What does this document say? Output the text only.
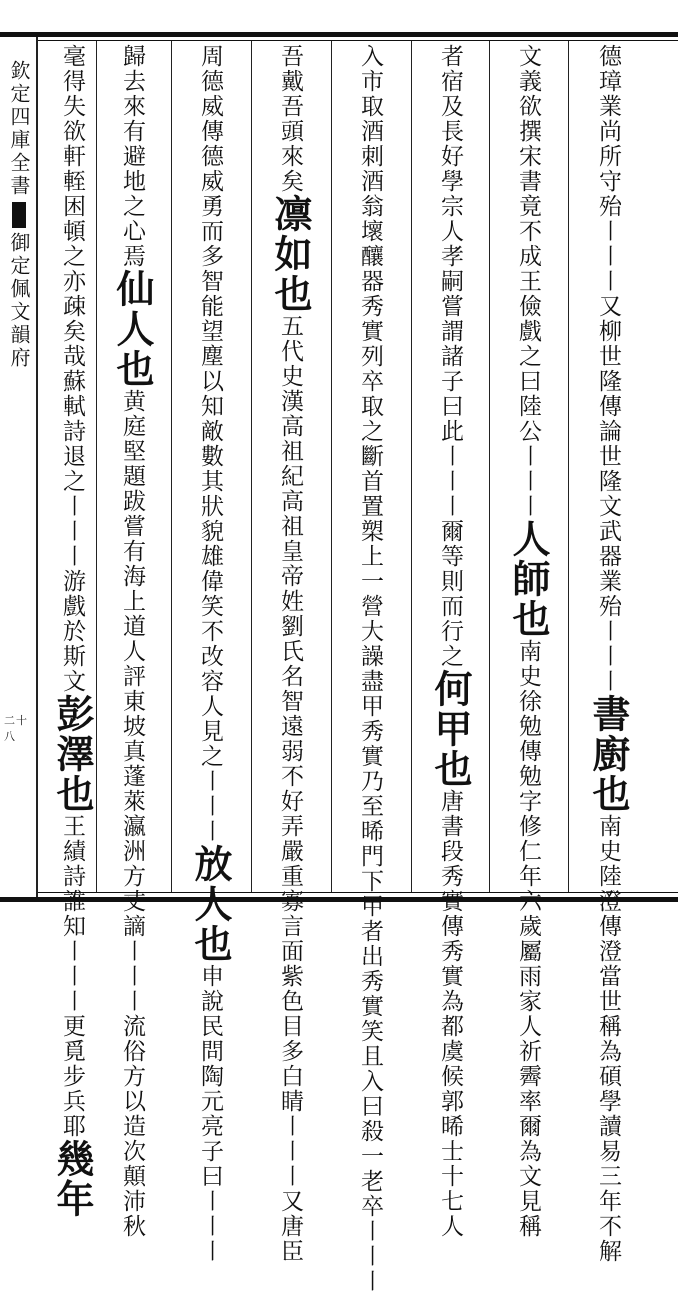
欽定四庫全書御定佩文韻府
二十八
德璋業尚所守殆〡〡〡又柳世隆傳論世隆文武器業殆〡〡〡書廚也南史陸澄傳澄當世稱為碩學讀易三年不解
文義欲撰宋書竟不成王儉戲之曰陸公〡〡〡人師也南史徐勉傳勉字修仁年六歲屬雨家人祈霽率爾為文見稱
者宿及長好學宗人孝嗣嘗謂諸子曰此〡〡〡爾等則而行之何甲也唐書段秀實傳秀實為都虞候郭晞士十七人
入市取酒刺酒翁壞釀器秀實列卒取之斷首置槊上一營大譟盡甲秀實乃至晞門下甲者出秀實笑且入曰殺一老卒〡〡〡
吾戴吾頭來矣凛如也五代史漢高祖紀高祖皇帝姓劉氏名智遠弱不好弄嚴重寡言面紫色目多白睛〡〡〡又唐臣
周德威傳德威勇而多智能望塵以知敵數其狀貌雄偉笑不改容人見之〡〡〡放人也申說民問陶元亮子曰〡〡〡
歸去來有避地之心焉仙人也黄庭堅題跋嘗有海上道人評東坡真蓬萊瀛洲方丈謫〡〡〡流俗方以造次顛沛秋
毫得失欲軒輊困頓之亦疎矣哉蘇軾詩退之〡〡〡游戲於斯文彭澤也王績詩誰知〡〡〡更覓步兵耶幾年
